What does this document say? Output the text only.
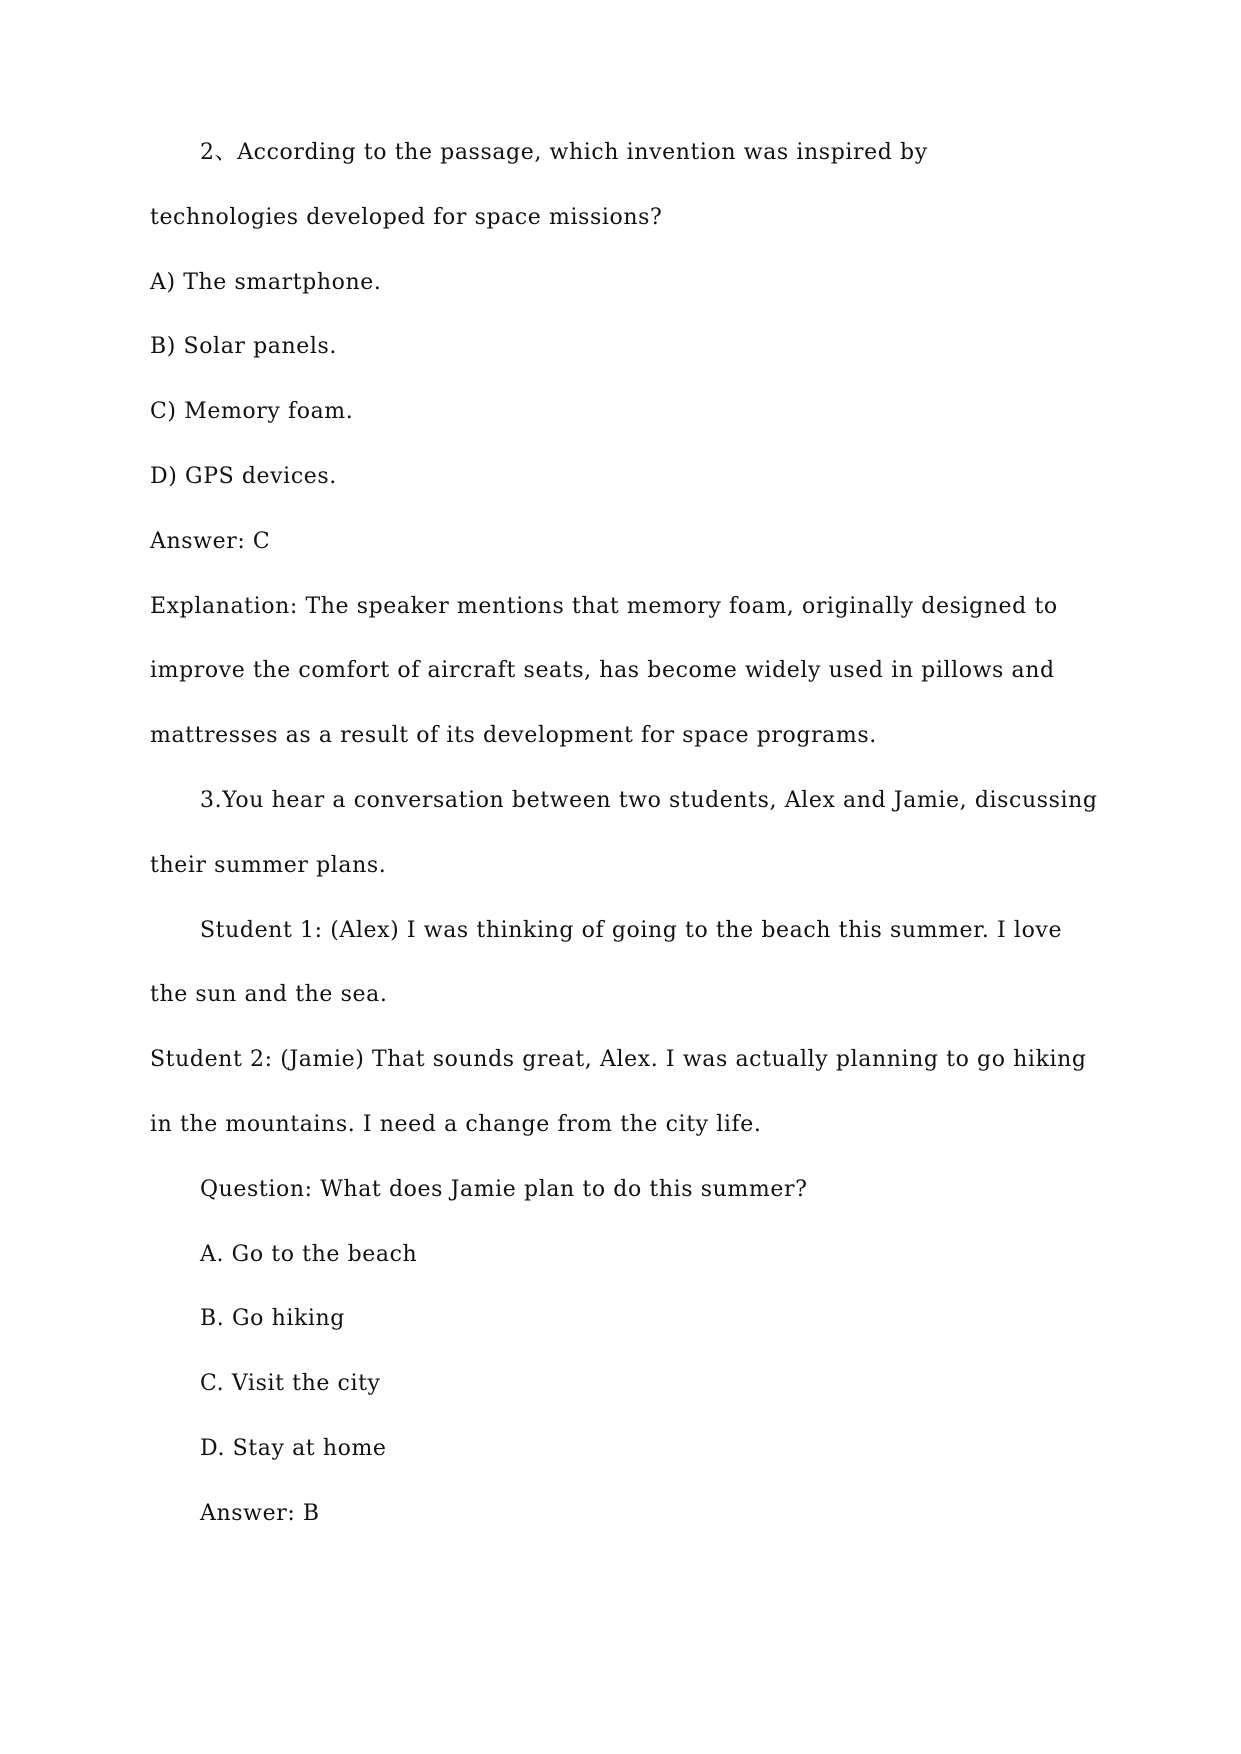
2、According to the passage, which invention was inspired by
technologies developed for space missions?
A) The smartphone.
B) Solar panels.
C) Memory foam.
D) GPS devices.
Answer: C
Explanation: The speaker mentions that memory foam, originally designed to
improve the comfort of aircraft seats, has become widely used in pillows and
mattresses as a result of its development for space programs.
3.You hear a conversation between two students, Alex and Jamie, discussing
their summer plans.
Student 1: (Alex) I was thinking of going to the beach this summer. I love
the sun and the sea.
Student 2: (Jamie) That sounds great, Alex. I was actually planning to go hiking
in the mountains. I need a change from the city life.
Question: What does Jamie plan to do this summer?
A. Go to the beach
B. Go hiking
C. Visit the city
D. Stay at home
Answer: B
